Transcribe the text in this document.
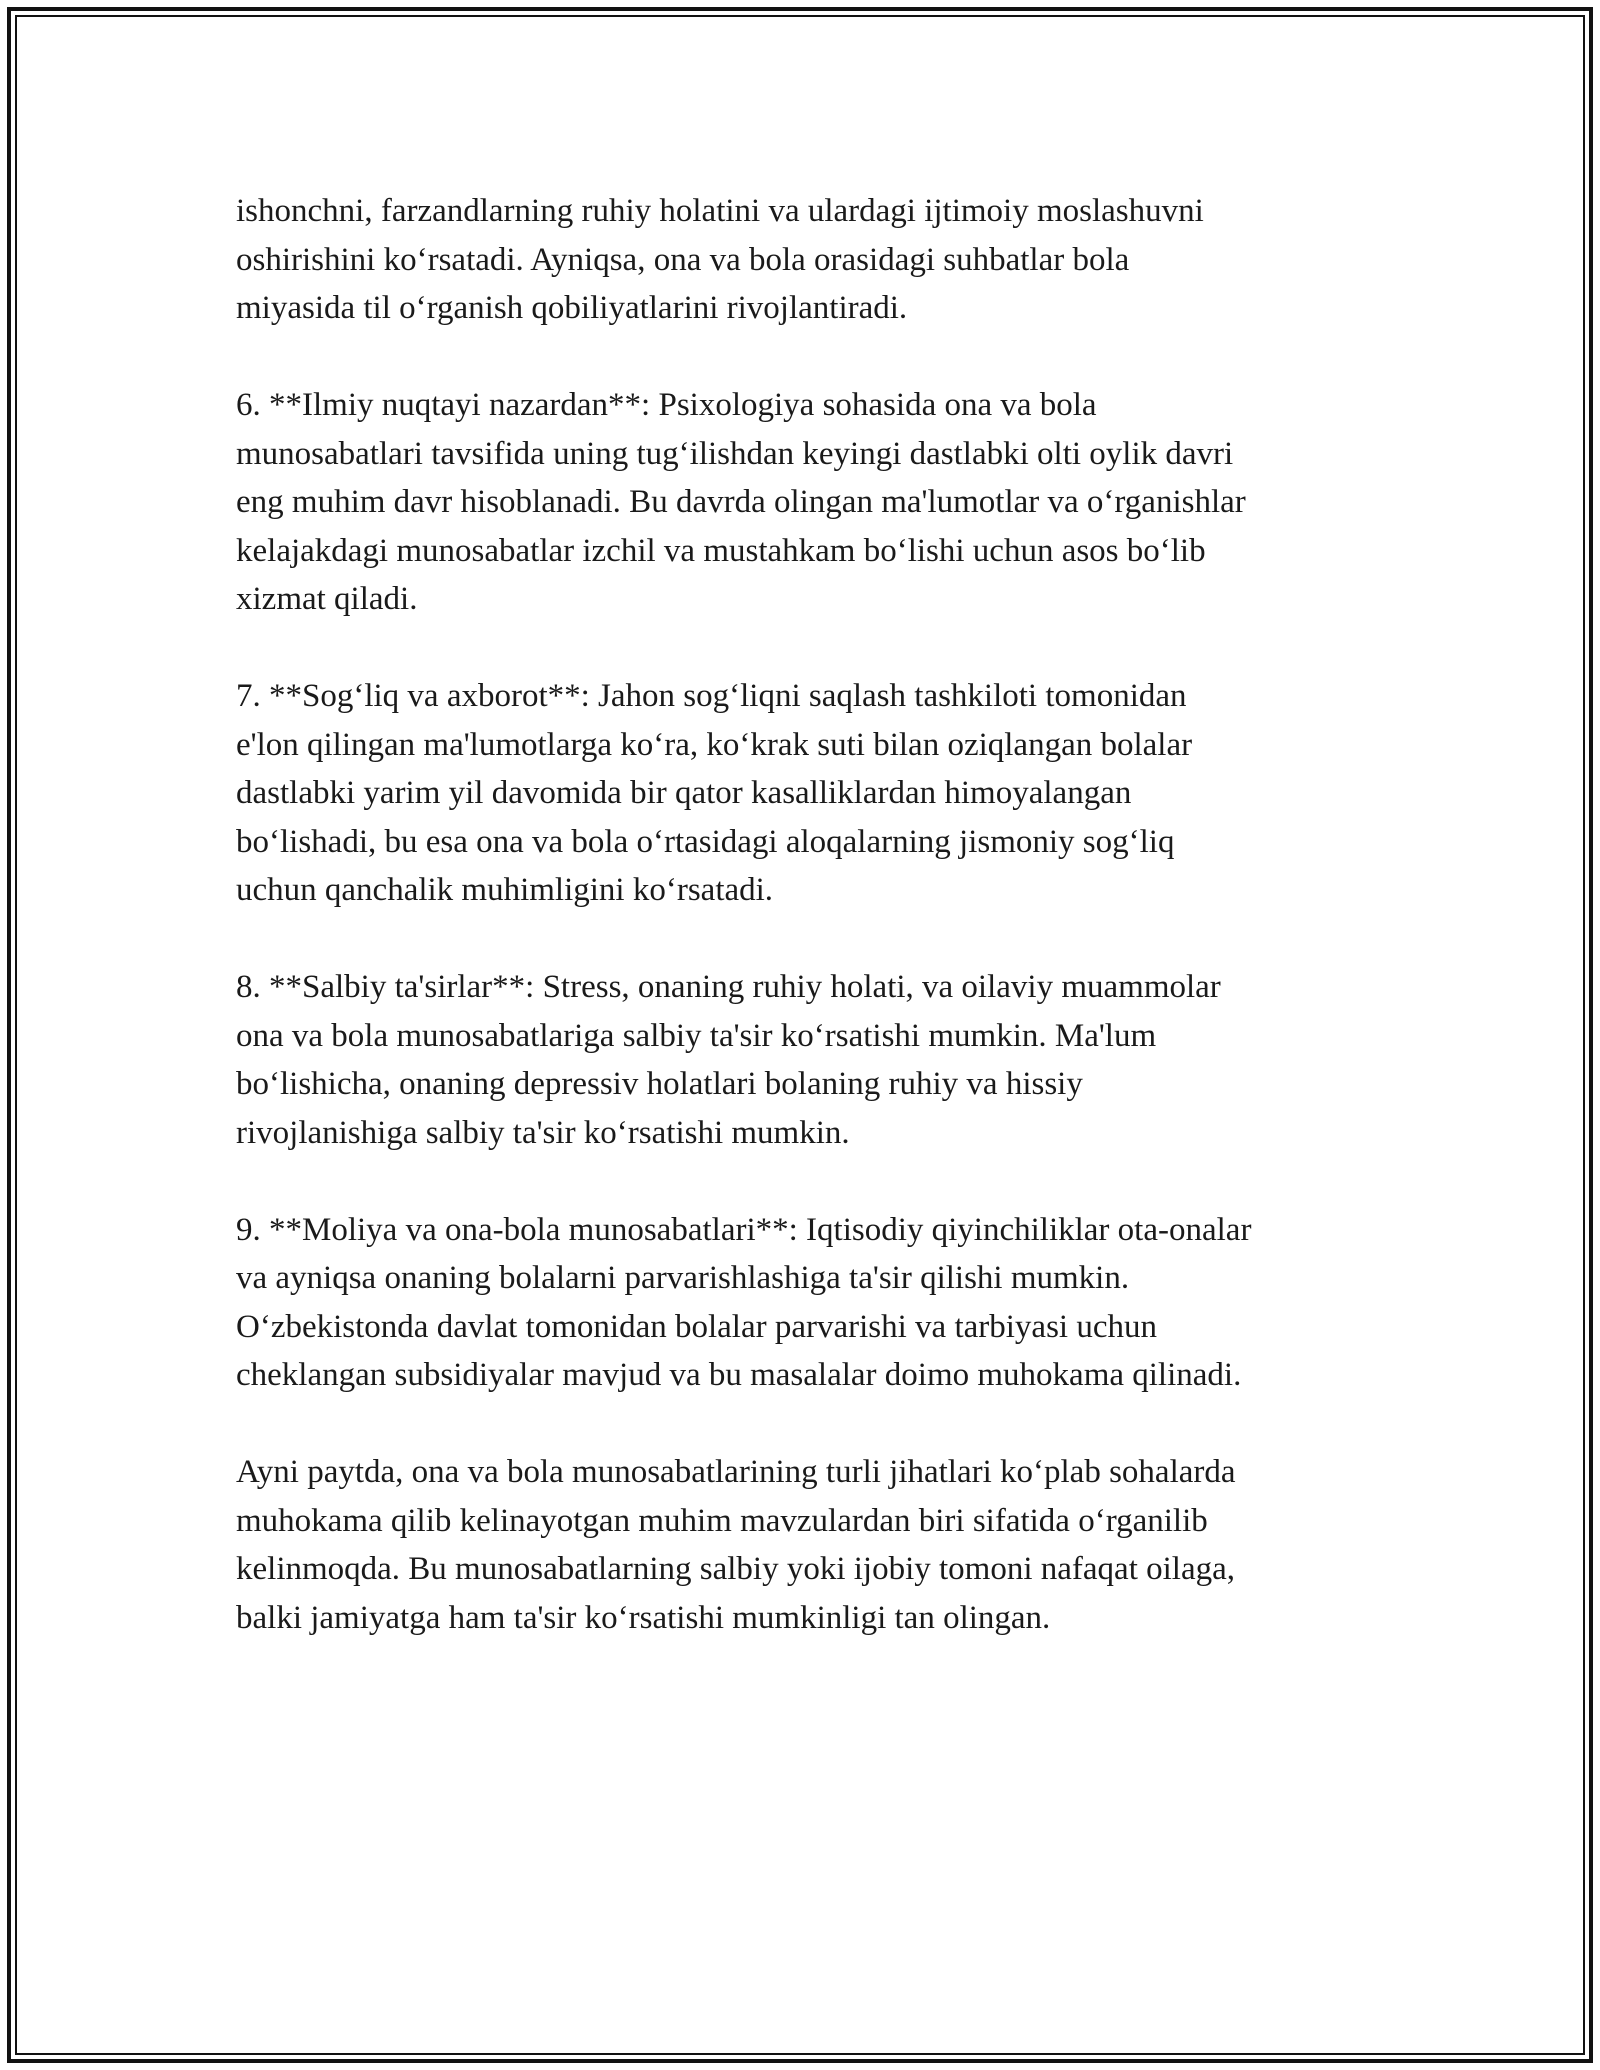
ishonchni, farzandlarning ruhiy holatini va ulardagi ijtimoiy moslashuvni
oshirishini ko‘rsatadi. Ayniqsa, ona va bola orasidagi suhbatlar bola
miyasida til o‘rganish qobiliyatlarini rivojlantiradi.

6. **Ilmiy nuqtayi nazardan**: Psixologiya sohasida ona va bola
munosabatlari tavsifida uning tug‘ilishdan keyingi dastlabki olti oylik davri
eng muhim davr hisoblanadi. Bu davrda olingan ma'lumotlar va o‘rganishlar
kelajakdagi munosabatlar izchil va mustahkam bo‘lishi uchun asos bo‘lib
xizmat qiladi.

7. **Sog‘liq va axborot**: Jahon sog‘liqni saqlash tashkiloti tomonidan
e'lon qilingan ma'lumotlarga ko‘ra, ko‘krak suti bilan oziqlangan bolalar
dastlabki yarim yil davomida bir qator kasalliklardan himoyalangan
bo‘lishadi, bu esa ona va bola o‘rtasidagi aloqalarning jismoniy sog‘liq
uchun qanchalik muhimligini ko‘rsatadi.

8. **Salbiy ta'sirlar**: Stress, onaning ruhiy holati, va oilaviy muammolar
ona va bola munosabatlariga salbiy ta'sir ko‘rsatishi mumkin. Ma'lum
bo‘lishicha, onaning depressiv holatlari bolaning ruhiy va hissiy
rivojlanishiga salbiy ta'sir ko‘rsatishi mumkin.

9. **Moliya va ona-bola munosabatlari**: Iqtisodiy qiyinchiliklar ota-onalar
va ayniqsa onaning bolalarni parvarishlashiga ta'sir qilishi mumkin.
O‘zbekistonda davlat tomonidan bolalar parvarishi va tarbiyasi uchun
cheklangan subsidiyalar mavjud va bu masalalar doimo muhokama qilinadi.

Ayni paytda, ona va bola munosabatlarining turli jihatlari ko‘plab sohalarda
muhokama qilib kelinayotgan muhim mavzulardan biri sifatida o‘rganilib
kelinmoqda. Bu munosabatlarning salbiy yoki ijobiy tomoni nafaqat oilaga,
balki jamiyatga ham ta'sir ko‘rsatishi mumkinligi tan olingan.
